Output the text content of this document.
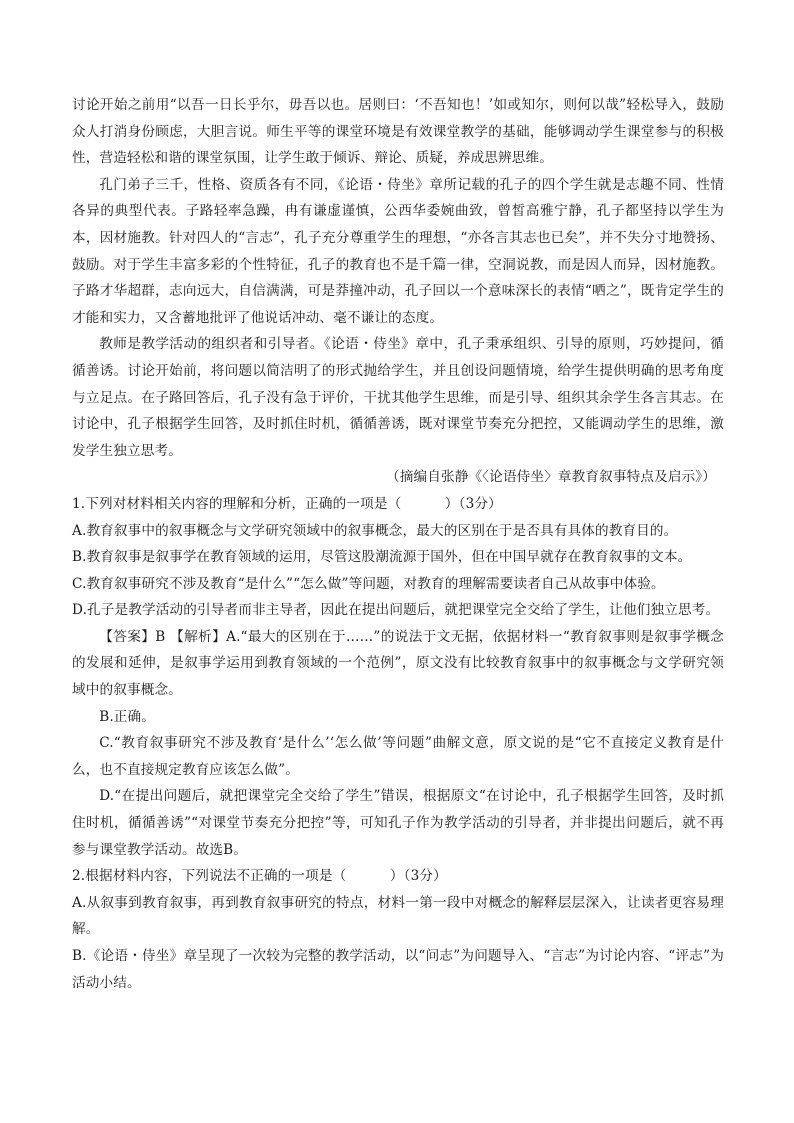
讨论开始之前用“以吾一日长乎尔，毋吾以也。居则曰：‘不吾知也！’如或知尔，则何以哉”轻松导入，鼓励众人打消身份顾虑，大胆言说。师生平等的课堂环境是有效课堂教学的基础，能够调动学生课堂参与的积极性，营造轻松和谐的课堂氛围，让学生敢于倾诉、辩论、质疑，养成思辨思维。

孔门弟子三千，性格、资质各有不同，《论语・侍坐》章所记载的孔子的四个学生就是志趣不同、性情各异的典型代表。子路轻率急躁，冉有谦虚谨慎，公西华委婉曲致，曾皙高雅宁静，孔子都坚持以学生为本，因材施教。针对四人的“言志”，孔子充分尊重学生的理想，“亦各言其志也已矣”，并不失分寸地赞扬、鼓励。对于学生丰富多彩的个性特征，孔子的教育也不是千篇一律，空洞说教，而是因人而异，因材施教。子路才华超群，志向远大，自信满满，可是莽撞冲动，孔子回以一个意味深长的表情“哂之”，既肯定学生的才能和实力，又含蓄地批评了他说话冲动、毫不谦让的态度。

教师是教学活动的组织者和引导者。《论语・侍坐》章中，孔子秉承组织、引导的原则，巧妙提问，循循善诱。讨论开始前，将问题以简洁明了的形式抛给学生，并且创设问题情境，给学生提供明确的思考角度与立足点。在子路回答后，孔子没有急于评价，干扰其他学生思维，而是引导、组织其余学生各言其志。在讨论中，孔子根据学生回答，及时抓住时机，循循善诱，既对课堂节奏充分把控，又能调动学生的思维，激发学生独立思考。

（摘编自张静《〈论语侍坐〉章教育叙事特点及启示》）

1.下列对材料相关内容的理解和分析，正确的一项是（	）（3分）

A.教育叙事中的叙事概念与文学研究领域中的叙事概念，最大的区别在于是否具有具体的教育目的。

B.教育叙事是叙事学在教育领域的运用，尽管这股潮流源于国外，但在中国早就存在教育叙事的文本。

C.教育叙事研究不涉及教育“是什么”“怎么做”等问题，对教育的理解需要读者自己从故事中体验。

D.孔子是教学活动的引导者而非主导者，因此在提出问题后，就把课堂完全交给了学生，让他们独立思考。

【答案】B 【解析】A.“最大的区别在于……”的说法于文无据，依据材料一“教育叙事则是叙事学概念的发展和延伸，是叙事学运用到教育领域的一个范例”，原文没有比较教育叙事中的叙事概念与文学研究领域中的叙事概念。

B.正确。

C.“教育叙事研究不涉及教育‘是什么’‘怎么做’等问题”曲解文意，原文说的是“它不直接定义教育是什么，也不直接规定教育应该怎么做”。

D.“在提出问题后，就把课堂完全交给了学生”错误，根据原文“在讨论中，孔子根据学生回答，及时抓住时机，循循善诱”“对课堂节奏充分把控”等，可知孔子作为教学活动的引导者，并非提出问题后，就不再参与课堂教学活动。故选B。

2.根据材料内容，下列说法不正确的一项是（	）（3分）

A.从叙事到教育叙事，再到教育叙事研究的特点，材料一第一段中对概念的解释层层深入，让读者更容易理解。

B.《论语・侍坐》章呈现了一次较为完整的教学活动，以“问志”为问题导入、“言志”为讨论内容、“评志”为活动小结。
